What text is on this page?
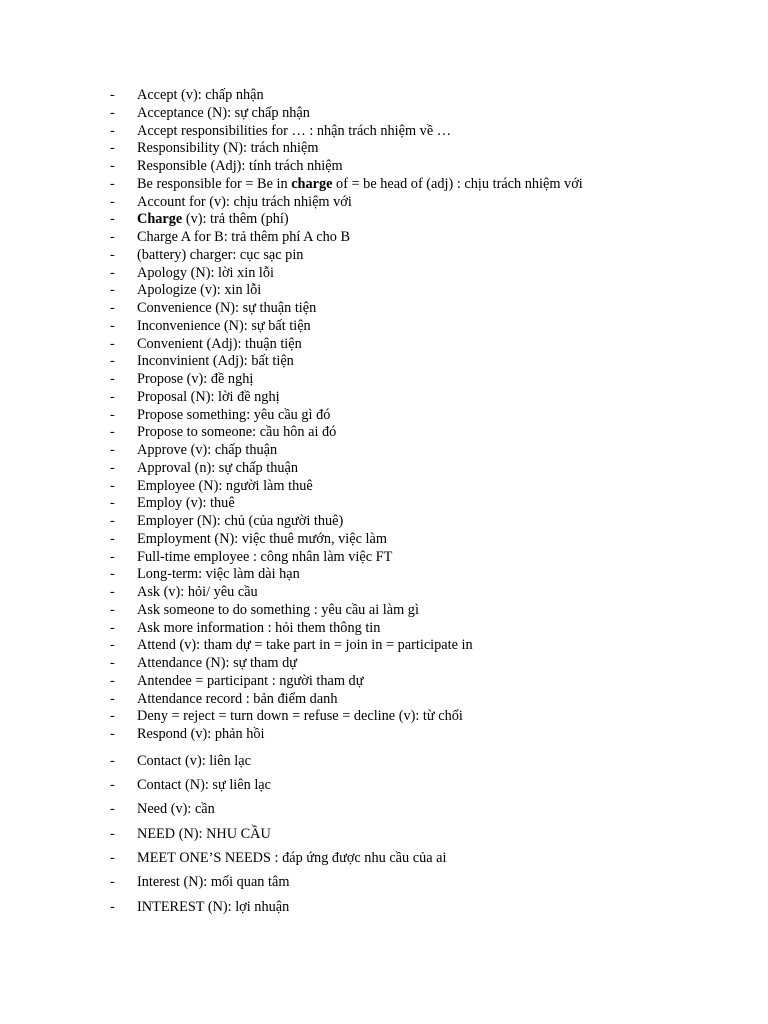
-	Accept (v): chấp nhận
-	Acceptance (N): sự chấp nhận
-	Accept responsibilities for … : nhận trách nhiệm về …
-	Responsibility (N): trách nhiệm
-	Responsible (Adj): tính trách nhiệm
-	Be responsible for = Be in charge of = be head of (adj) : chịu trách nhiệm với
-	Account for (v): chịu trách nhiệm với
-	Charge (v): trả thêm (phí)
-	Charge A for B: trả thêm phí A cho B
-	(battery) charger: cục sạc pin
-	Apology (N): lời xin lỗi
-	Apologize (v): xin lỗi
-	Convenience (N): sự thuận tiện
-	Inconvenience (N): sự bất tiện
-	Convenient (Adj): thuận tiện
-	Inconvinient (Adj): bất tiện
-	Propose (v): đề nghị
-	Proposal (N): lời đề nghị
-	Propose something: yêu cầu gì đó
-	Propose to someone: cầu hôn ai đó
-	Approve (v): chấp thuận
-	Approval (n): sự chấp thuận
-	Employee (N): người làm thuê
-	Employ (v): thuê
-	Employer (N): chủ (của người thuê)
-	Employment (N): việc thuê mướn, việc làm
-	Full-time employee : công nhân làm việc FT
-	Long-term: việc làm dài hạn
-	Ask (v): hỏi/ yêu cầu
-	Ask someone to do something : yêu cầu ai làm gì
-	Ask more information : hỏi them thông tin
-	Attend (v): tham dự = take part in = join in = participate in
-	Attendance (N): sự tham dự
-	Antendee = participant : người tham dự
-	Attendance record : bản điểm danh
-	Deny = reject = turn down = refuse = decline (v): từ chối
-	Respond (v): phản hồi
-	Contact (v): liên lạc
-	Contact (N): sự liên lạc
-	Need (v): cần
-	NEED (N): NHU CẦU
-	MEET ONE’S NEEDS : đáp ứng được nhu cầu của ai
-	Interest (N): mối quan tâm
-	INTEREST (N): lợi nhuận
